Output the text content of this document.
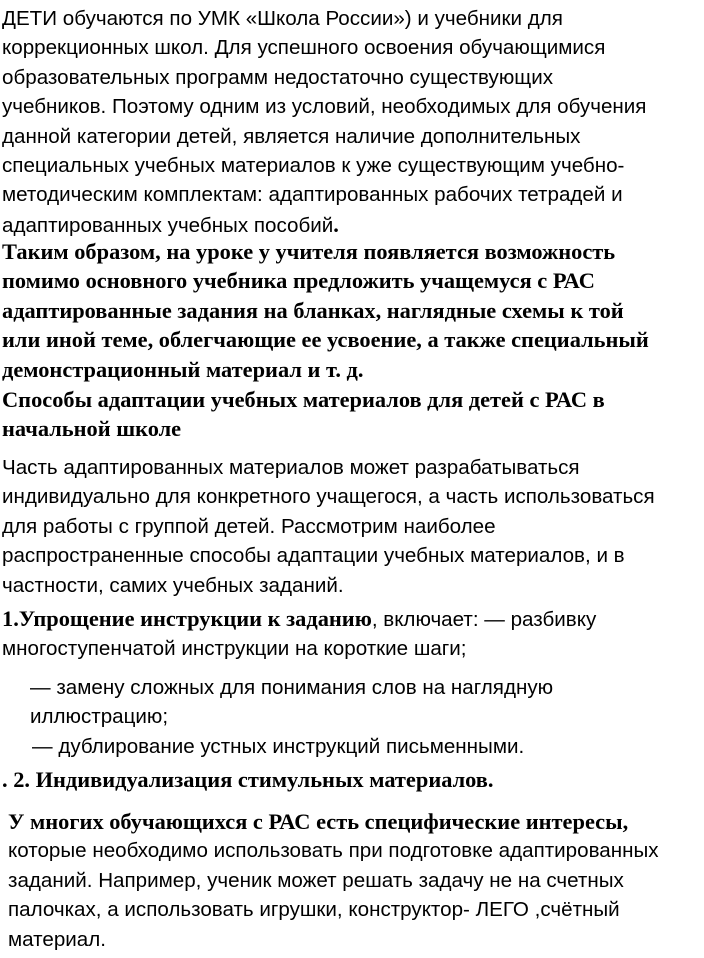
ДЕТИ обучаются по УМК «Школа России») и учебники для

коррекционных школ. Для успешного освоения обучающимися

образовательных программ недостаточно существующих

учебников. Поэтому одним из условий, необходимых для обучения

данной категории детей, является наличие дополнительных

специальных учебных материалов к уже существующим учебно-

методическим комплектам: адаптированных рабочих тетрадей и

адаптированных учебных пособий.

Таким образом, на уроке у учителя появляется возможность

помимо основного учебника предложить учащемуся с РАС

адаптированные задания на бланках, наглядные схемы к той

или иной теме, облегчающие ее усвоение, а также специальный

демонстрационный материал и т. д.

Способы адаптации учебных материалов для детей с РАС в

начальной школе

Часть адаптированных материалов может разрабатываться

индивидуально для конкретного учащегося, а часть использоваться

для работы с группой детей. Рассмотрим наиболее

распространенные способы адаптации учебных материалов, и в

частности, самих учебных заданий.

1.Упрощение инструкции к заданию, включает: — разбивку

многоступенчатой инструкции на короткие шаги;

— замену сложных для понимания слов на наглядную

иллюстрацию;

— дублирование устных инструкций письменными.

. 2. Индивидуализация стимульных материалов.

У многих обучающихся с РАС есть специфические интересы,

которые необходимо использовать при подготовке адаптированных

заданий. Например, ученик может решать задачу не на счетных

палочках, а использовать игрушки, конструктор- ЛЕГО ,счётный

материал.
